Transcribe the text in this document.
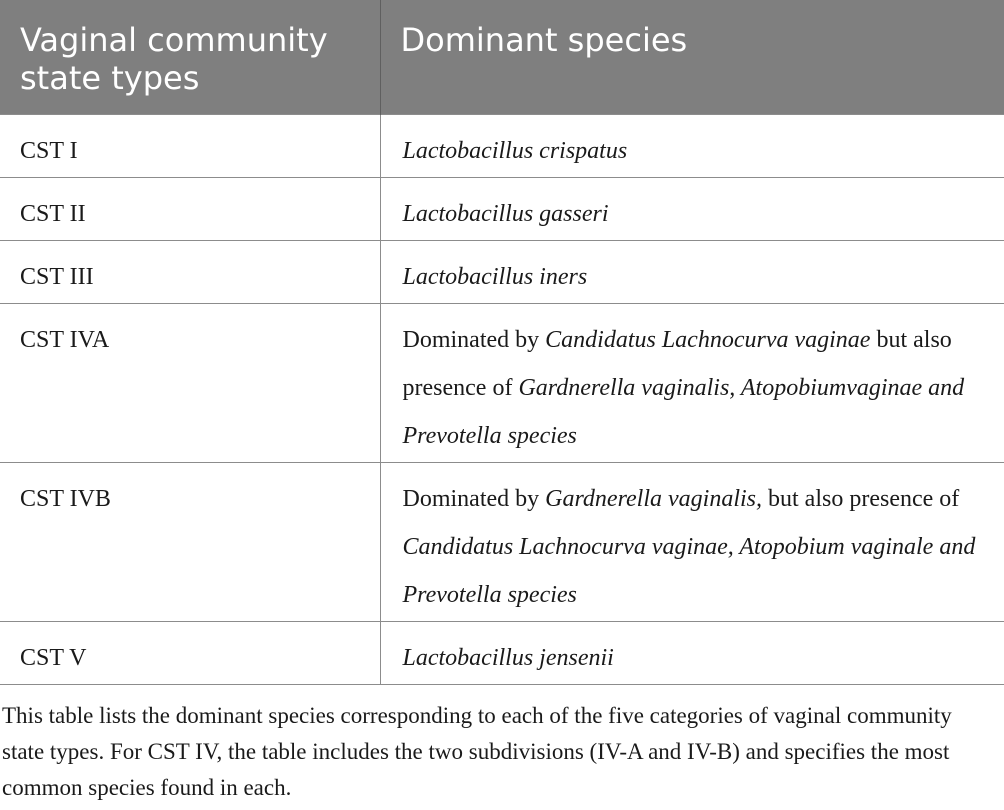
Vaginal community state types	Dominant species
CST I	Lactobacillus crispatus
CST II	Lactobacillus gasseri
CST III	Lactobacillus iners
CST IVA	Dominated by Candidatus Lachnocurva vaginae but also presence of Gardnerella vaginalis, Atopobiumvaginae and Prevotella species
CST IVB	Dominated by Gardnerella vaginalis, but also presence of Candidatus Lachnocurva vaginae, Atopobium vaginale and Prevotella species
CST V	Lactobacillus jensenii

This table lists the dominant species corresponding to each of the five categories of vaginal community state types. For CST IV, the table includes the two subdivisions (IV-A and IV-B) and specifies the most common species found in each.
